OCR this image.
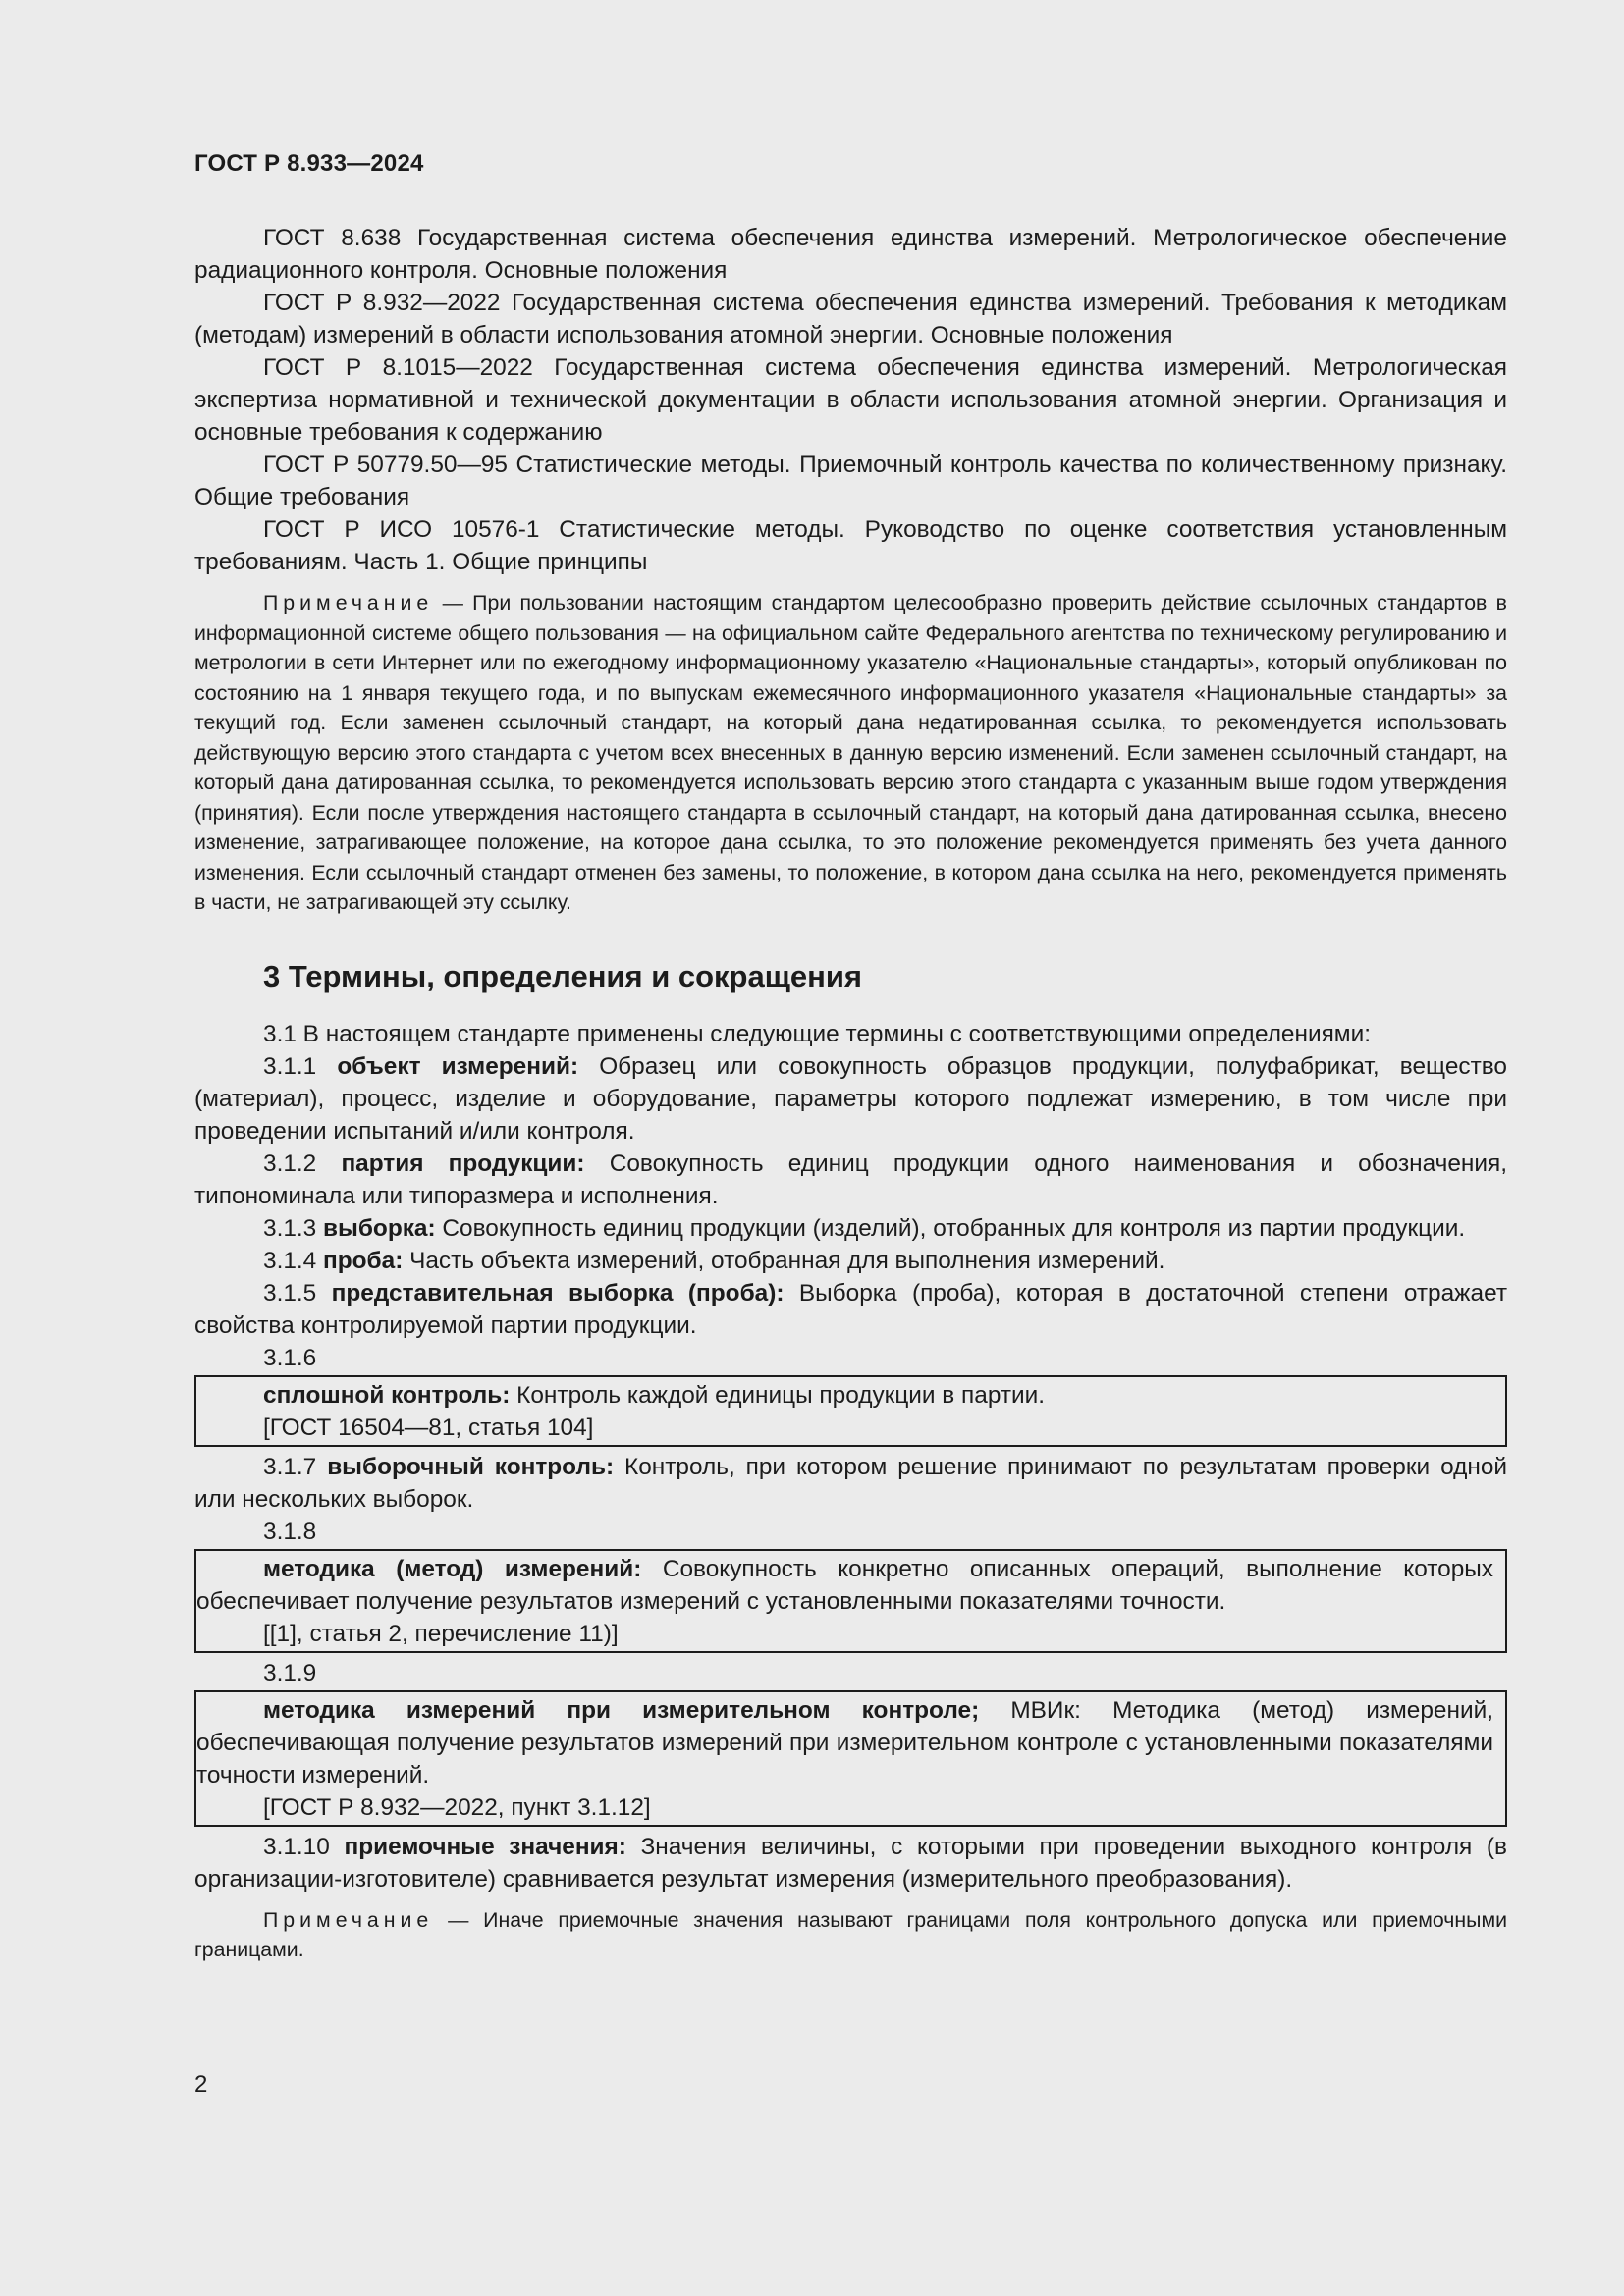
ГОСТ Р 8.933—2024

ГОСТ 8.638 Государственная система обеспечения единства измерений. Метрологическое обеспечение радиационного контроля. Основные положения

ГОСТ Р 8.932—2022 Государственная система обеспечения единства измерений. Требования к методикам (методам) измерений в области использования атомной энергии. Основные положения

ГОСТ Р 8.1015—2022 Государственная система обеспечения единства измерений. Метрологическая экспертиза нормативной и технической документации в области использования атомной энергии. Организация и основные требования к содержанию

ГОСТ Р 50779.50—95 Статистические методы. Приемочный контроль качества по количественному признаку. Общие требования

ГОСТ Р ИСО 10576-1 Статистические методы. Руководство по оценке соответствия установленным требованиям. Часть 1. Общие принципы

Примечание — При пользовании настоящим стандартом целесообразно проверить действие ссылочных стандартов в информационной системе общего пользования — на официальном сайте Федерального агентства по техническому регулированию и метрологии в сети Интернет или по ежегодному информационному указателю «Национальные стандарты», который опубликован по состоянию на 1 января текущего года, и по выпускам ежемесячного информационного указателя «Национальные стандарты» за текущий год. Если заменен ссылочный стандарт, на который дана недатированная ссылка, то рекомендуется использовать действующую версию этого стандарта с учетом всех внесенных в данную версию изменений. Если заменен ссылочный стандарт, на который дана датированная ссылка, то рекомендуется использовать версию этого стандарта с указанным выше годом утверждения (принятия). Если после утверждения настоящего стандарта в ссылочный стандарт, на который дана датированная ссылка, внесено изменение, затрагивающее положение, на которое дана ссылка, то это положение рекомендуется применять без учета данного изменения. Если ссылочный стандарт отменен без замены, то положение, в котором дана ссылка на него, рекомендуется применять в части, не затрагивающей эту ссылку.

3 Термины, определения и сокращения

3.1 В настоящем стандарте применены следующие термины с соответствующими определениями:

3.1.1 объект измерений: Образец или совокупность образцов продукции, полуфабрикат, вещество (материал), процесс, изделие и оборудование, параметры которого подлежат измерению, в том числе при проведении испытаний и/или контроля.

3.1.2 партия продукции: Совокупность единиц продукции одного наименования и обозначения, типономинала или типоразмера и исполнения.

3.1.3 выборка: Совокупность единиц продукции (изделий), отобранных для контроля из партии продукции.

3.1.4 проба: Часть объекта измерений, отобранная для выполнения измерений.

3.1.5 представительная выборка (проба): Выборка (проба), которая в достаточной степени отражает свойства контролируемой партии продукции.

3.1.6

сплошной контроль: Контроль каждой единицы продукции в партии.

[ГОСТ 16504—81, статья 104]

3.1.7 выборочный контроль: Контроль, при котором решение принимают по результатам проверки одной или нескольких выборок.

3.1.8

методика (метод) измерений: Совокупность конкретно описанных операций, выполнение которых обеспечивает получение результатов измерений с установленными показателями точности.

[[1], статья 2, перечисление 11)]

3.1.9

методика измерений при измерительном контроле; МВИк: Методика (метод) измерений, обеспечивающая получение результатов измерений при измерительном контроле с установленными показателями точности измерений.

[ГОСТ Р 8.932—2022, пункт 3.1.12]

3.1.10 приемочные значения: Значения величины, с которыми при проведении выходного контроля (в организации-изготовителе) сравнивается результат измерения (измерительного преобразования).

Примечание — Иначе приемочные значения называют границами поля контрольного допуска или приемочными границами.

2
